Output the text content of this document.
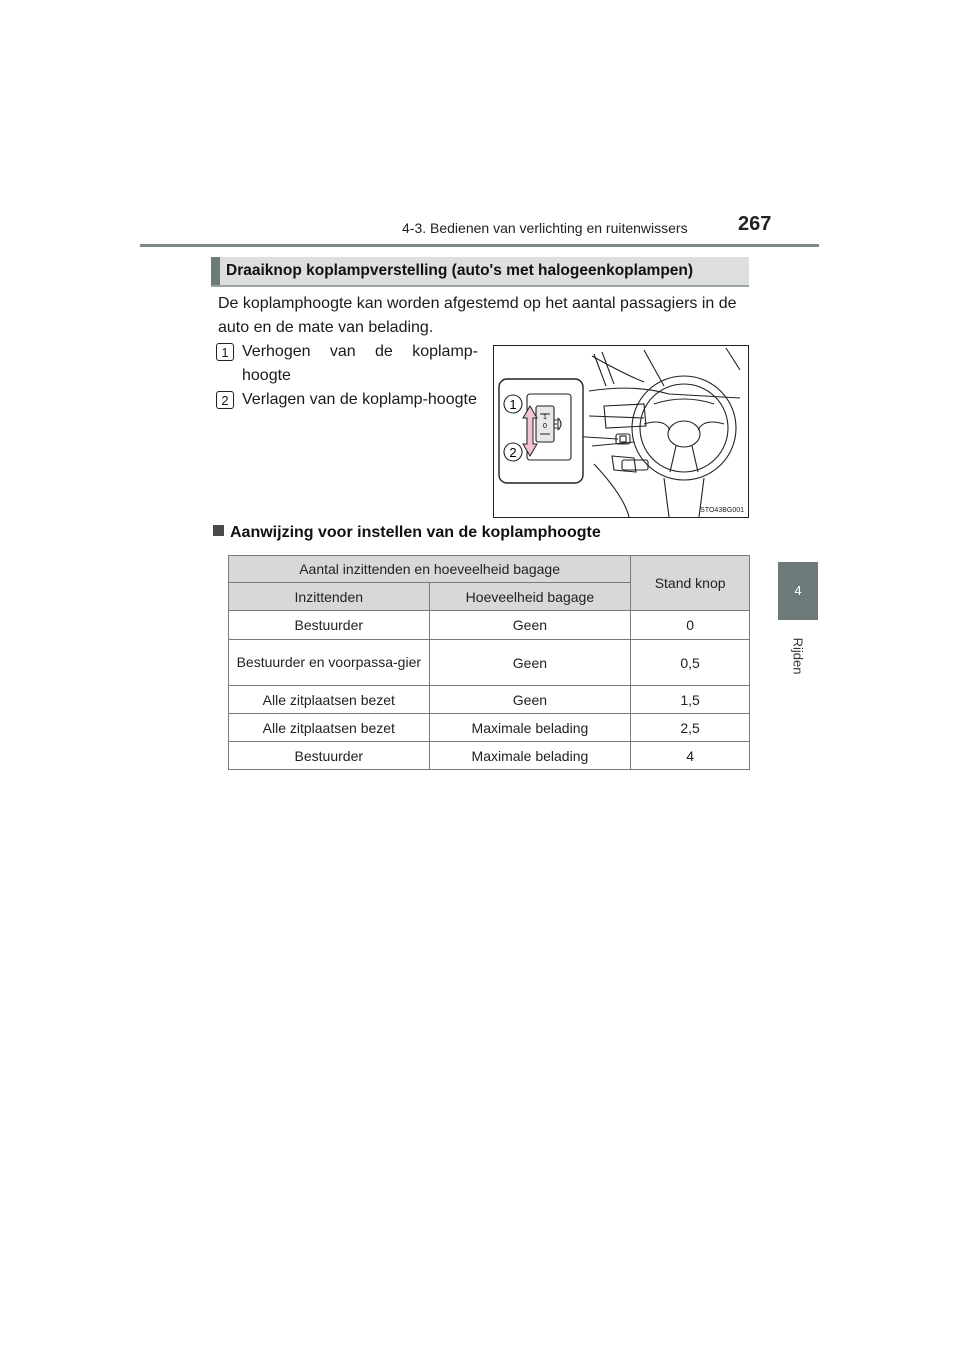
4-3. Bedienen van verlichting en ruitenwissers	267
4
Rijden
Draaiknop koplampverstelling (auto's met halogeenkoplampen)
De koplamphoogte kan worden afgestemd op het aantal passagiers in de auto en de mate van belading.
1 Verhogen van de koplamp-hoogte
2 Verlagen van de koplamp-hoogte
1
0
1
2
STO43BG001
Aanwijzing voor instellen van de koplamphoogte
Aantal inzittenden en hoeveelheid bagage		Stand knop
Inzittenden	Hoeveelheid bagage	
Bestuurder	Geen	0
Bestuurder en voorpassa-gier	Geen	0,5
Alle zitplaatsen bezet	Geen	1,5
Alle zitplaatsen bezet	Maximale belading	2,5
Bestuurder	Maximale belading	4
